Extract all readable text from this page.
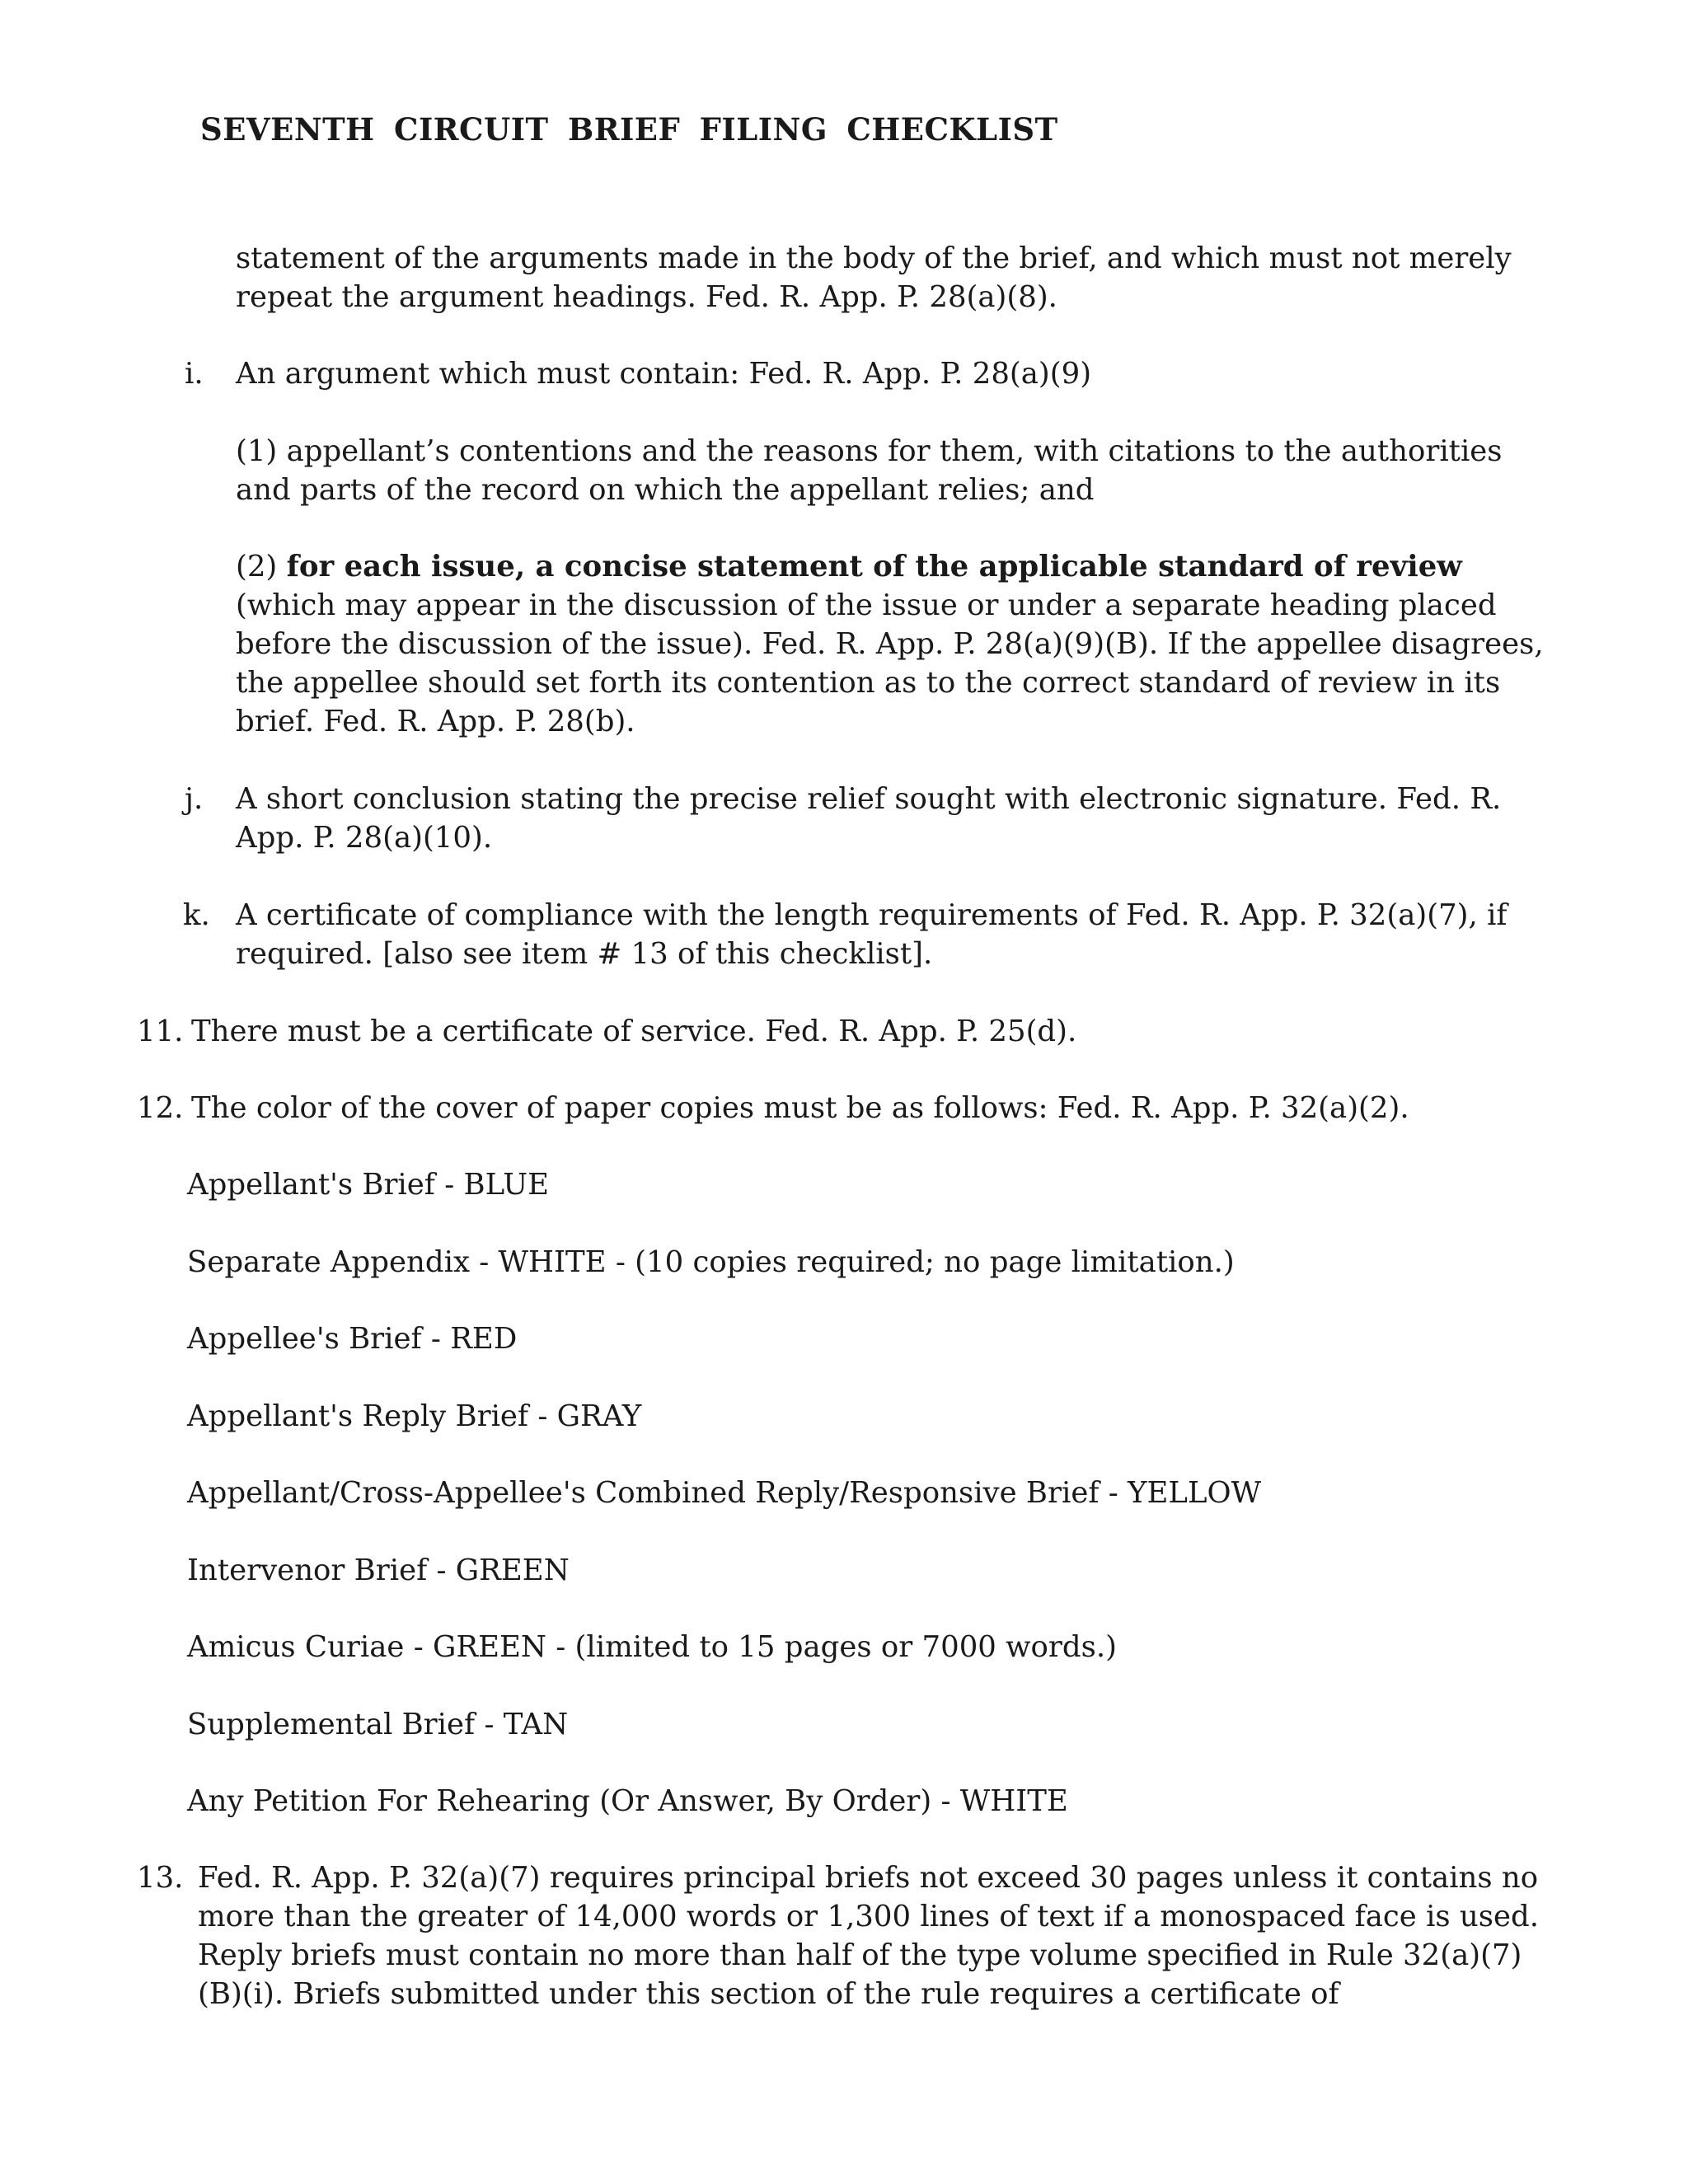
SEVENTH CIRCUIT BRIEF FILING CHECKLIST

statement of the arguments made in the body of the brief, and which must not merely repeat the argument headings. Fed. R. App. P. 28(a)(8).

i. An argument which must contain: Fed. R. App. P. 28(a)(9)

(1) appellant’s contentions and the reasons for them, with citations to the authorities and parts of the record on which the appellant relies; and

(2) for each issue, a concise statement of the applicable standard of review (which may appear in the discussion of the issue or under a separate heading placed before the discussion of the issue). Fed. R. App. P. 28(a)(9)(B). If the appellee disagrees, the appellee should set forth its contention as to the correct standard of review in its brief. Fed. R. App. P. 28(b).

j. A short conclusion stating the precise relief sought with electronic signature. Fed. R. App. P. 28(a)(10).

k. A certificate of compliance with the length requirements of Fed. R. App. P. 32(a)(7), if required. [also see item # 13 of this checklist].

11. There must be a certificate of service. Fed. R. App. P. 25(d).

12. The color of the cover of paper copies must be as follows: Fed. R. App. P. 32(a)(2).

Appellant's Brief - BLUE

Separate Appendix - WHITE - (10 copies required; no page limitation.)

Appellee's Brief - RED

Appellant's Reply Brief - GRAY

Appellant/Cross-Appellee's Combined Reply/Responsive Brief - YELLOW

Intervenor Brief - GREEN

Amicus Curiae - GREEN - (limited to 15 pages or 7000 words.)

Supplemental Brief - TAN

Any Petition For Rehearing (Or Answer, By Order) - WHITE

13. Fed. R. App. P. 32(a)(7) requires principal briefs not exceed 30 pages unless it contains no more than the greater of 14,000 words or 1,300 lines of text if a monospaced face is used. Reply briefs must contain no more than half of the type volume specified in Rule 32(a)(7)(B)(i). Briefs submitted under this section of the rule requires a certificate of
